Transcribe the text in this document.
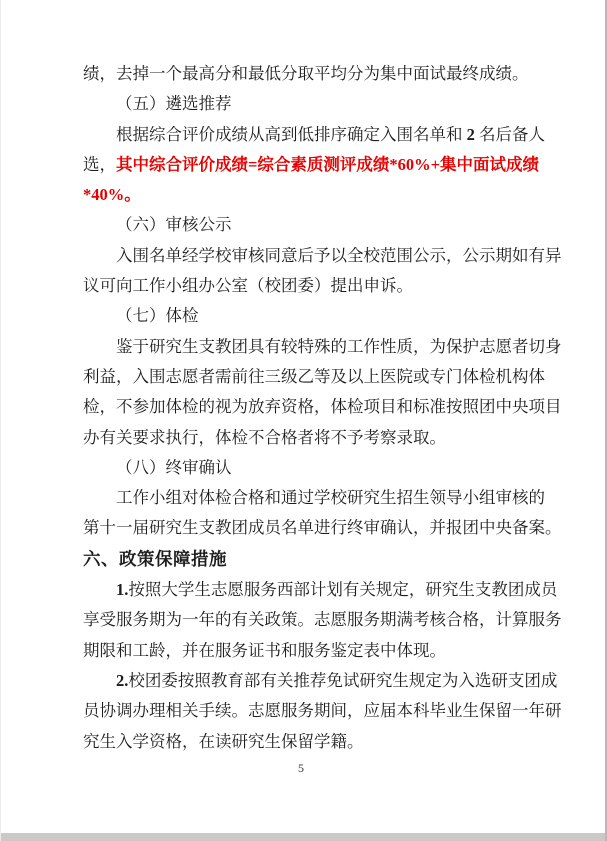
绩，去掉一个最高分和最低分取平均分为集中面试最终成绩。
（五）遴选推荐
根据综合评价成绩从高到低排序确定入围名单和 2 名后备人
选，其中综合评价成绩=综合素质测评成绩*60%+集中面试成绩
*40%。
（六）审核公示
入围名单经学校审核同意后予以全校范围公示，公示期如有异
议可向工作小组办公室（校团委）提出申诉。
（七）体检
鉴于研究生支教团具有较特殊的工作性质，为保护志愿者切身
利益，入围志愿者需前往三级乙等及以上医院或专门体检机构体
检，不参加体检的视为放弃资格，体检项目和标准按照团中央项目
办有关要求执行，体检不合格者将不予考察录取。
（八）终审确认
工作小组对体检合格和通过学校研究生招生领导小组审核的
第十一届研究生支教团成员名单进行终审确认，并报团中央备案。
六、政策保障措施
1.按照大学生志愿服务西部计划有关规定，研究生支教团成员
享受服务期为一年的有关政策。志愿服务期满考核合格，计算服务
期限和工龄，并在服务证书和服务鉴定表中体现。
2.校团委按照教育部有关推荐免试研究生规定为入选研支团成
员协调办理相关手续。志愿服务期间，应届本科毕业生保留一年研
究生入学资格，在读研究生保留学籍。
5
